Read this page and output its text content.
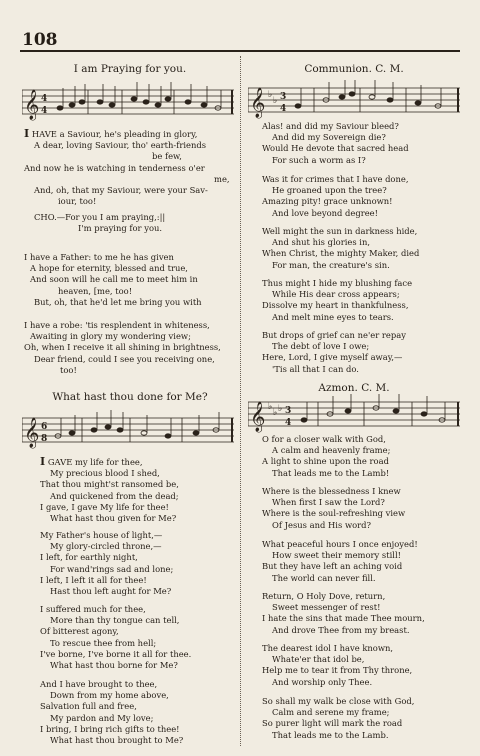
108
I am Praying for you.
𝄞 4
4
I HAVE a Saviour, he's pleading in glory,
A dear, loving Saviour, tho' earth-friends
be few,
And now he is watching in tenderness o'er
me,
And, oh, that my Saviour, were your Sav-
iour, too!
CHO.—For you I am praying,:||
I'm praying for you.
I have a Father: to me he has given
A hope for eternity, blessed and true,
And soon will he call me to meet him in
heaven, [me, too!
But, oh, that he'd let me bring you with
I have a robe: 'tis resplendent in whiteness,
Awaiting in glory my wondering view;
Oh, when I receive it all shining in brightness,
Dear friend, could I see you receiving one,
too!
What hast thou done for Me?
𝄞 6
8
I GAVE my life for thee,
My precious blood I shed,
That thou might'st ransomed be,
And quickened from the dead;
I gave, I gave My life for thee!
What hast thou given for Me?
My Father's house of light,—
My glory-circled throne,—
I left, for earthly night,
For wand'rings sad and lone;
I left, I left it all for thee!
Hast thou left aught for Me?
I suffered much for thee,
More than thy tongue can tell,
Of bitterest agony,
To rescue thee from hell;
I've borne, I've borne it all for thee.
What hast thou borne for Me?
And I have brought to thee,
Down from my home above,
Salvation full and free,
My pardon and My love;
I bring, I bring rich gifts to thee!
What hast thou brought to Me?
Communion. C. M.
𝄞 ♭
♭ 3
4
Alas! and did my Saviour bleed?
And did my Sovereign die?
Would He devote that sacred head
For such a worm as I?
Was it for crimes that I have done,
He groaned upon the tree?
Amazing pity! grace unknown!
And love beyond degree!
Well might the sun in darkness hide,
And shut his glories in,
When Christ, the mighty Maker, died
For man, the creature's sin.
Thus might I hide my blushing face
While His dear cross appears;
Dissolve my heart in thankfulness,
And melt mine eyes to tears.
But drops of grief can ne'er repay
The debt of love I owe;
Here, Lord, I give myself away,—
'Tis all that I can do.
Azmon. C. M.
𝄞 ♭
♭ ♭ 3
4
O for a closer walk with God,
A calm and heavenly frame;
A light to shine upon the road
That leads me to the Lamb!
Where is the blessedness I knew
When first I saw the Lord?
Where is the soul-refreshing view
Of Jesus and His word?
What peaceful hours I once enjoyed!
How sweet their memory still!
But they have left an aching void
The world can never fill.
Return, O Holy Dove, return,
Sweet messenger of rest!
I hate the sins that made Thee mourn,
And drove Thee from my breast.
The dearest idol I have known,
Whate'er that idol be,
Help me to tear it from Thy throne,
And worship only Thee.
So shall my walk be close with God,
Calm and serene my frame;
So purer light will mark the road
That leads me to the Lamb.
